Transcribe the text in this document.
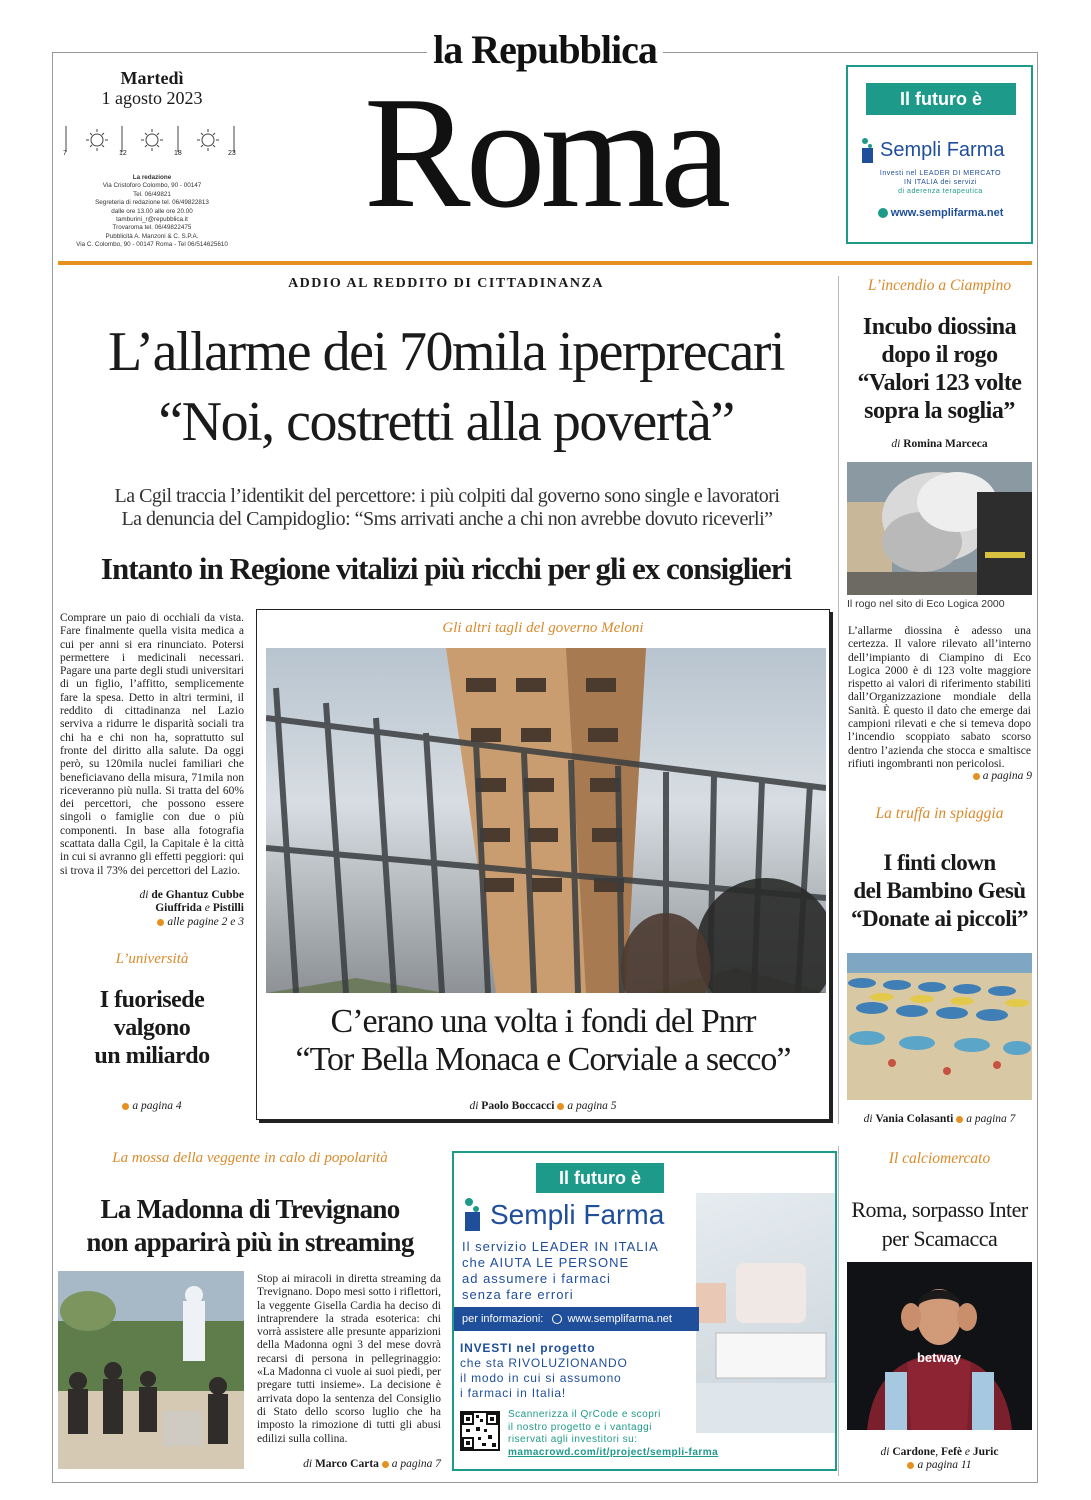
la Repubblica
Roma
Martedì
1 agosto 2023
7	12	18	23
La redazione
Via Cristoforo Colombo, 90 - 00147
Tel. 06/49821
Segreteria di redazione tel. 06/49822813
dalle ore 13.00 alle ore 20.00
tamburini_r@repubblica.it
Trovaroma tel. 06/49822475
Pubblicità A. Manzoni & C. S.P.A.
Via C. Colombo, 90 - 00147 Roma - Tel 06/514625610
Il futuro è
Sempli Farma
Investi nel LEADER DI MERCATO
IN ITALIA dei servizi
di aderenza terapeutica
www.semplifarma.net
ADDIO AL REDDITO DI CITTADINANZA
L’allarme dei 70mila iperprecari
“Noi, costretti alla povertà”
La Cgil traccia l’identikit del percettore: i più colpiti dal governo sono single e lavoratori
La denuncia del Campidoglio: “Sms arrivati anche a chi non avrebbe dovuto riceverli”
Intanto in Regione vitalizi più ricchi per gli ex consiglieri
Comprare un paio di occhiali da vista. Fare finalmente quella visita medica a cui per anni si era rinunciato. Potersi permettere i medicinali necessari. Pagare una parte degli studi universitari di un figlio, l’affitto, semplicemente fare la spesa. Detto in altri termini, il reddito di cittadinanza nel Lazio serviva a ridurre le disparità sociali tra chi ha e chi non ha, soprattutto sul fronte del diritto alla salute. Da oggi però, su 120mila nuclei familiari che beneficiavano della misura, 71mila non riceveranno più nulla. Si tratta del 60% dei percettori, che possono essere singoli o famiglie con due o più componenti. In base alla fotografia scattata dalla Cgil, la Capitale è la città in cui si avranno gli effetti peggiori: qui si trova il 73% dei percettori del Lazio.
di de Ghantuz Cubbe
Giuffrida e Pistilli
alle pagine 2 e 3
L’università
I fuorisede
valgono
un miliardo
a pagina 4
Gli altri tagli del governo Meloni
C’erano una volta i fondi del Pnrr
“Tor Bella Monaca e Corviale a secco”
di Paolo Boccacci a pagina 5
L’incendio a Ciampino
Incubo diossina
dopo il rogo
“Valori 123 volte
sopra la soglia”
di Romina Marceca
Il rogo nel sito di Eco Logica 2000
L’allarme diossina è adesso una certezza. Il valore rilevato all’interno dell’impianto di Ciampino di Eco Logica 2000 è di 123 volte maggiore rispetto ai valori di riferimento stabiliti dall’Organizzazione mondiale della Sanità. È questo il dato che emerge dai campioni rilevati e che si temeva dopo l’incendio scoppiato sabato scorso dentro l’azienda che stocca e smaltisce rifiuti ingombranti non pericolosi.
a pagina 9
La truffa in spiaggia
I finti clown
del Bambino Gesù
“Donate ai piccoli”
di Vania Colasanti a pagina 7
La mossa della veggente in calo di popolarità
La Madonna di Trevignano
non apparirà più in streaming
Stop ai miracoli in diretta streaming da Trevignano. Dopo mesi sotto i riflettori, la veggente Gisella Cardia ha deciso di intraprendere la strada esoterica: chi vorrà assistere alle presunte apparizioni della Madonna ogni 3 del mese dovrà recarsi di persona in pellegrinaggio: «La Madonna ci vuole ai suoi piedi, per pregare tutti insieme». La decisione è arrivata dopo la sentenza del Consiglio di Stato dello scorso luglio che ha imposto la rimozione di tutti gli abusi edilizi sulla collina.
di Marco Carta a pagina 7
Il futuro è
Sempli Farma
Il servizio LEADER IN ITALIA
che AIUTA LE PERSONE
ad assumere i farmaci
senza fare errori
per informazioni: www.semplifarma.net
INVESTI nel progetto
che sta RIVOLUZIONANDO
il modo in cui si assumono
i farmaci in Italia!
Scannerizza il QrCode e scopri
il nostro progetto e i vantaggi
riservati agli investitori su:
mamacrowd.com/it/project/sempli-farma
Il calciomercato
Roma, sorpasso Inter
per Scamacca
betway
di Cardone, Fefè e Juric
a pagina 11
